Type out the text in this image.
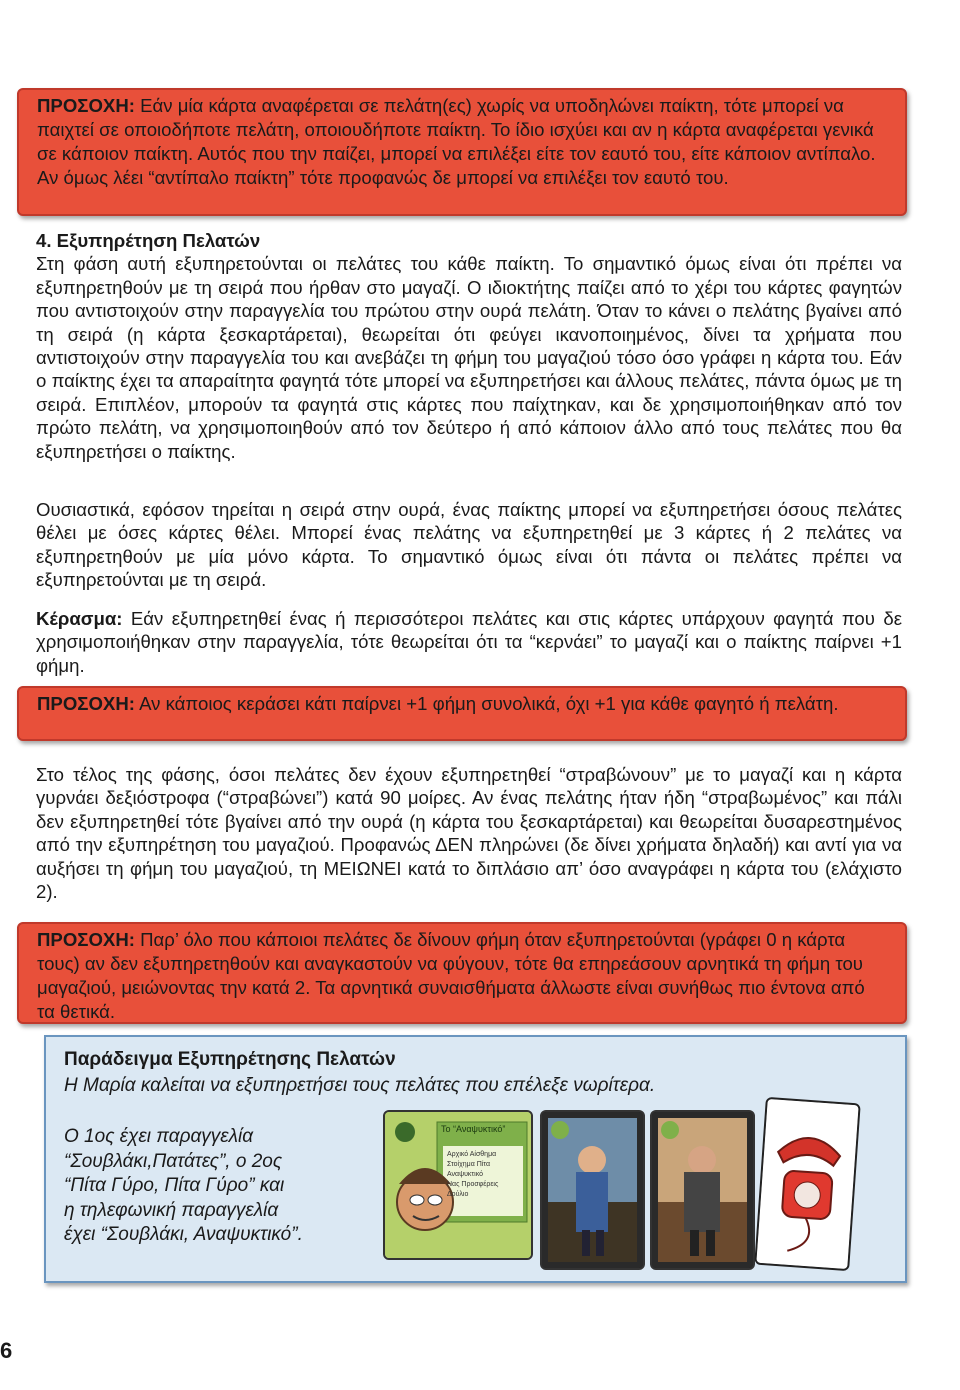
ΠΡΟΣΟΧΗ: Εάν μία κάρτα αναφέρεται σε πελάτη(ες) χωρίς να υποδηλώνει παίκτη, τότε μπορεί να παιχτεί σε οποιοδήποτε πελάτη, οποιουδήποτε παίκτη. Το ίδιο ισχύει και αν η κάρτα αναφέρεται γενικά σε κάποιον παίκτη. Αυτός που την παίζει, μπορεί να επιλέξει είτε τον εαυτό του, είτε κάποιον αντίπαλο. Αν όμως λέει “αντίπαλο παίκτη” τότε προφανώς δε μπορεί να επιλέξει τον εαυτό του.
4. Εξυπηρέτηση Πελατών
Στη φάση αυτή εξυπηρετούνται οι πελάτες του κάθε παίκτη. Το σημαντικό όμως είναι ότι πρέπει να εξυπηρετηθούν με τη σειρά που ήρθαν στο μαγαζί. Ο ιδιοκτήτης παίζει από το χέρι του κάρτες φαγητών που αντιστοιχούν στην παραγγελία του πρώτου στην ουρά πελάτη. Όταν το κάνει ο πελάτης βγαίνει από τη σειρά (η κάρτα ξεσκαρτάρεται), θεωρείται ότι φεύγει ικανοποιημένος, δίνει τα χρήματα που αντιστοιχούν στην παραγγελία του και ανεβάζει τη φήμη του μαγαζιού τόσο όσο γράφει η κάρτα του. Εάν ο παίκτης έχει τα απαραίτητα φαγητά τότε μπορεί να εξυπηρετήσει και άλλους πελάτες, πάντα όμως με τη σειρά. Επιπλέον, μπορούν τα φαγητά στις κάρτες που παίχτηκαν, και δε χρησιμοποιήθηκαν από τον πρώτο πελάτη, να χρησιμοποιηθούν από τον δεύτερο ή από κάποιον άλλο από τους πελάτες που θα εξυπηρετήσει ο παίκτης.
Ουσιαστικά, εφόσον τηρείται η σειρά στην ουρά, ένας παίκτης μπορεί να εξυπηρετήσει όσους πελάτες θέλει με όσες κάρτες θέλει. Μπορεί ένας πελάτης να εξυπηρετηθεί με 3 κάρτες ή 2 πελάτες να εξυπηρετηθούν με μία μόνο κάρτα. Το σημαντικό όμως είναι ότι πάντα οι πελάτες πρέπει να εξυπηρετούνται με τη σειρά.
Κέρασμα: Εάν εξυπηρετηθεί ένας ή περισσότεροι πελάτες και στις κάρτες υπάρχουν φαγητά που δε χρησιμοποιήθηκαν στην παραγγελία, τότε θεωρείται ότι τα “κερνάει” το μαγαζί και ο παίκτης παίρνει +1 φήμη.
ΠΡΟΣΟΧΗ: Αν κάποιος κεράσει κάτι παίρνει +1 φήμη συνολικά, όχι +1 για κάθε φαγητό ή πελάτη.
Στο τέλος της φάσης, όσοι πελάτες δεν έχουν εξυπηρετηθεί “στραβώνουν” με το μαγαζί και η κάρτα γυρνάει δεξιόστροφα (“στραβώνει”) κατά 90 μοίρες. Αν ένας πελάτης ήταν ήδη “στραβωμένος” και πάλι δεν εξυπηρετηθεί τότε βγαίνει από την ουρά (η κάρτα του ξεσκαρτάρεται) και θεωρείται δυσαρεστημένος από την εξυπηρέτηση του μαγαζιού. Προφανώς ΔΕΝ πληρώνει (δε δίνει χρήματα δηλαδή) και αντί για να αυξήσει τη φήμη του μαγαζιού, τη ΜΕΙΩΝΕΙ κατά το διπλάσιο απ’ όσο αναγράφει η κάρτα του (ελάχιστο 2).
ΠΡΟΣΟΧΗ: Παρ’ όλο που κάποιοι πελάτες δε δίνουν φήμη όταν εξυπηρετούνται (γράφει 0 η κάρτα τους) αν δεν εξυπηρετηθούν και αναγκαστούν να φύγουν, τότε θα επηρεάσουν αρνητικά τη φήμη του μαγαζιού, μειώνοντας την κατά 2. Τα αρνητικά συναισθήματα άλλωστε είναι συνήθως πιο έντονα από τα θετικά.
Παράδειγμα Εξυπηρέτησης Πελατών
Η Μαρία καλείται να εξυπηρετήσει τους πελάτες που επέλεξε νωρίτερα.
Ο 1ος έχει παραγγελία
“Σουβλάκι,Πατάτες”, ο 2ος
“Πίτα Γύρο, Πίτα Γύρο” και
η τηλεφωνική παραγγελία
έχει “Σουβλάκι, Αναψυκτικό”.
Το “Αναψυκτικό”
Αρχικό Αίσθημα
Στοίχημα Πίτα
Αναψυκτικό
Νας Προσφέρεις
Δούλιο
6
